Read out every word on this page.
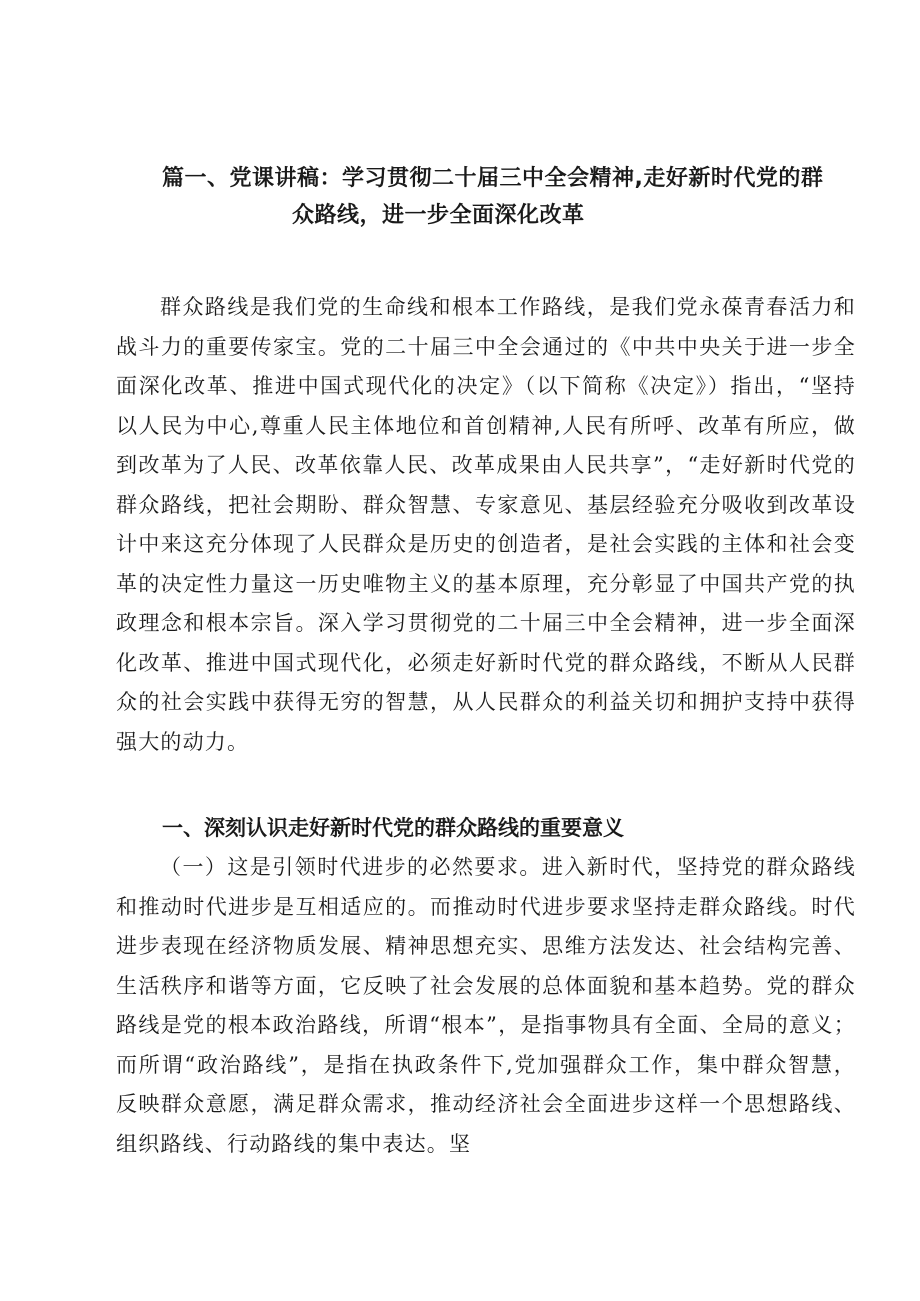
篇一、党课讲稿：学习贯彻二十届三中全会精神,走好新时代党的群
众路线，进一步全面深化改革

群众路线是我们党的生命线和根本工作路线，是我们党永葆青春活力和战斗力的重要传家宝。党的二十届三中全会通过的《中共中央关于进一步全面深化改革、推进中国式现代化的决定》（以下简称《决定》）指出，“坚持以人民为中心,尊重人民主体地位和首创精神,人民有所呼、改革有所应，做到改革为了人民、改革依靠人民、改革成果由人民共享”，“走好新时代党的群众路线，把社会期盼、群众智慧、专家意见、基层经验充分吸收到改革设计中来这充分体现了人民群众是历史的创造者，是社会实践的主体和社会变革的决定性力量这一历史唯物主义的基本原理，充分彰显了中国共产党的执政理念和根本宗旨。深入学习贯彻党的二十届三中全会精神，进一步全面深化改革、推进中国式现代化，必须走好新时代党的群众路线，不断从人民群众的社会实践中获得无穷的智慧，从人民群众的利益关切和拥护支持中获得强大的动力。

一、深刻认识走好新时代党的群众路线的重要意义

（一）这是引领时代进步的必然要求。进入新时代，坚持党的群众路线和推动时代进步是互相适应的。而推动时代进步要求坚持走群众路线。时代进步表现在经济物质发展、精神思想充实、思维方法发达、社会结构完善、生活秩序和谐等方面，它反映了社会发展的总体面貌和基本趋势。党的群众路线是党的根本政治路线，所谓“根本”，是指事物具有全面、全局的意义；而所谓“政治路线”，是指在执政条件下,党加强群众工作，集中群众智慧，反映群众意愿，满足群众需求，推动经济社会全面进步这样一个思想路线、组织路线、行动路线的集中表达。坚
